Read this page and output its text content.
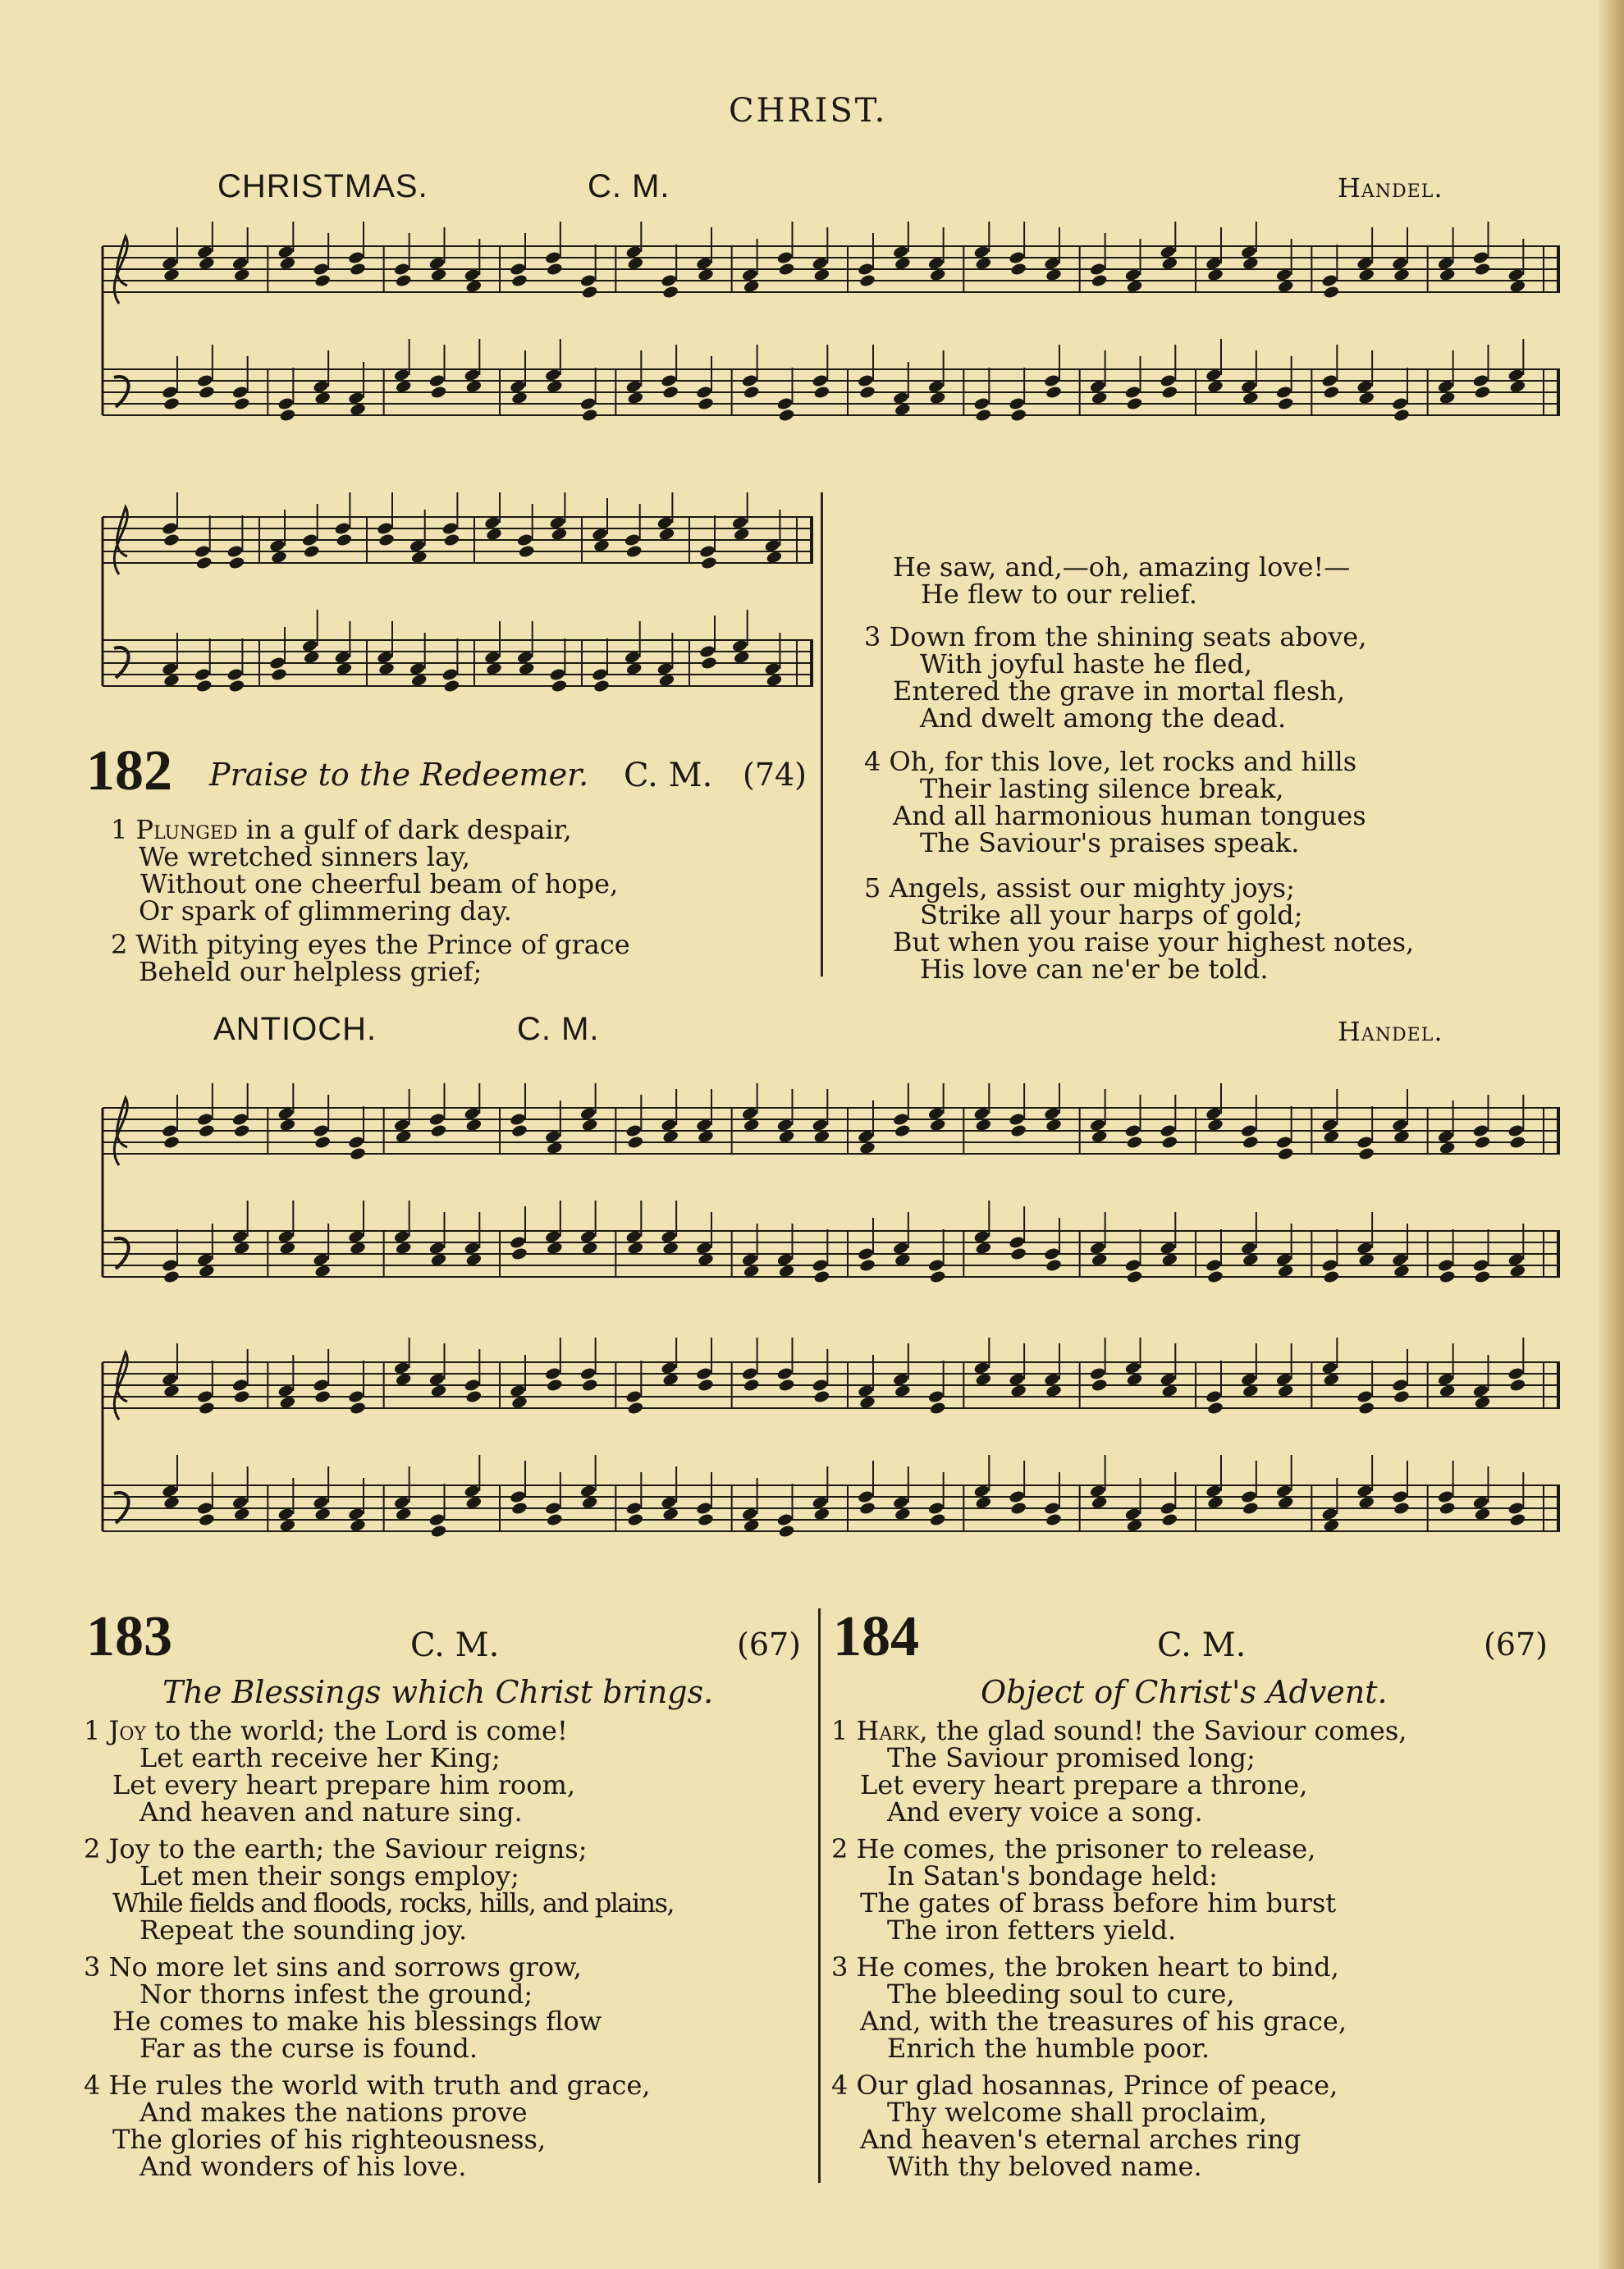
CHRIST.
CHRISTMAS.	C. M.	Handel.
182 Praise to the Redeemer. C. M. (74)
1 Plunged in a gulf of dark despair,
We wretched sinners lay,
Without one cheerful beam of hope,
Or spark of glimmering day.
2 With pitying eyes the Prince of grace
Beheld our helpless grief;
He saw, and,—oh, amazing love!—
He flew to our relief.
3 Down from the shining seats above,
With joyful haste he fled,
Entered the grave in mortal flesh,
And dwelt among the dead.
4 Oh, for this love, let rocks and hills
Their lasting silence break,
And all harmonious human tongues
The Saviour's praises speak.
5 Angels, assist our mighty joys;
Strike all your harps of gold;
But when you raise your highest notes,
His love can ne'er be told.
ANTIOCH.	C. M.	Handel.
183	C. M.	(67)
The Blessings which Christ brings.
1 Joy to the world; the Lord is come!
Let earth receive her King;
Let every heart prepare him room,
And heaven and nature sing.
2 Joy to the earth; the Saviour reigns;
Let men their songs employ;
While fields and floods, rocks, hills, and plains,
Repeat the sounding joy.
3 No more let sins and sorrows grow,
Nor thorns infest the ground;
He comes to make his blessings flow
Far as the curse is found.
4 He rules the world with truth and grace,
And makes the nations prove
The glories of his righteousness,
And wonders of his love.
184	C. M.	(67)
Object of Christ's Advent.
1 Hark, the glad sound! the Saviour comes,
The Saviour promised long;
Let every heart prepare a throne,
And every voice a song.
2 He comes, the prisoner to release,
In Satan's bondage held:
The gates of brass before him burst
The iron fetters yield.
3 He comes, the broken heart to bind,
The bleeding soul to cure,
And, with the treasures of his grace,
Enrich the humble poor.
4 Our glad hosannas, Prince of peace,
Thy welcome shall proclaim,
And heaven's eternal arches ring
With thy beloved name.
